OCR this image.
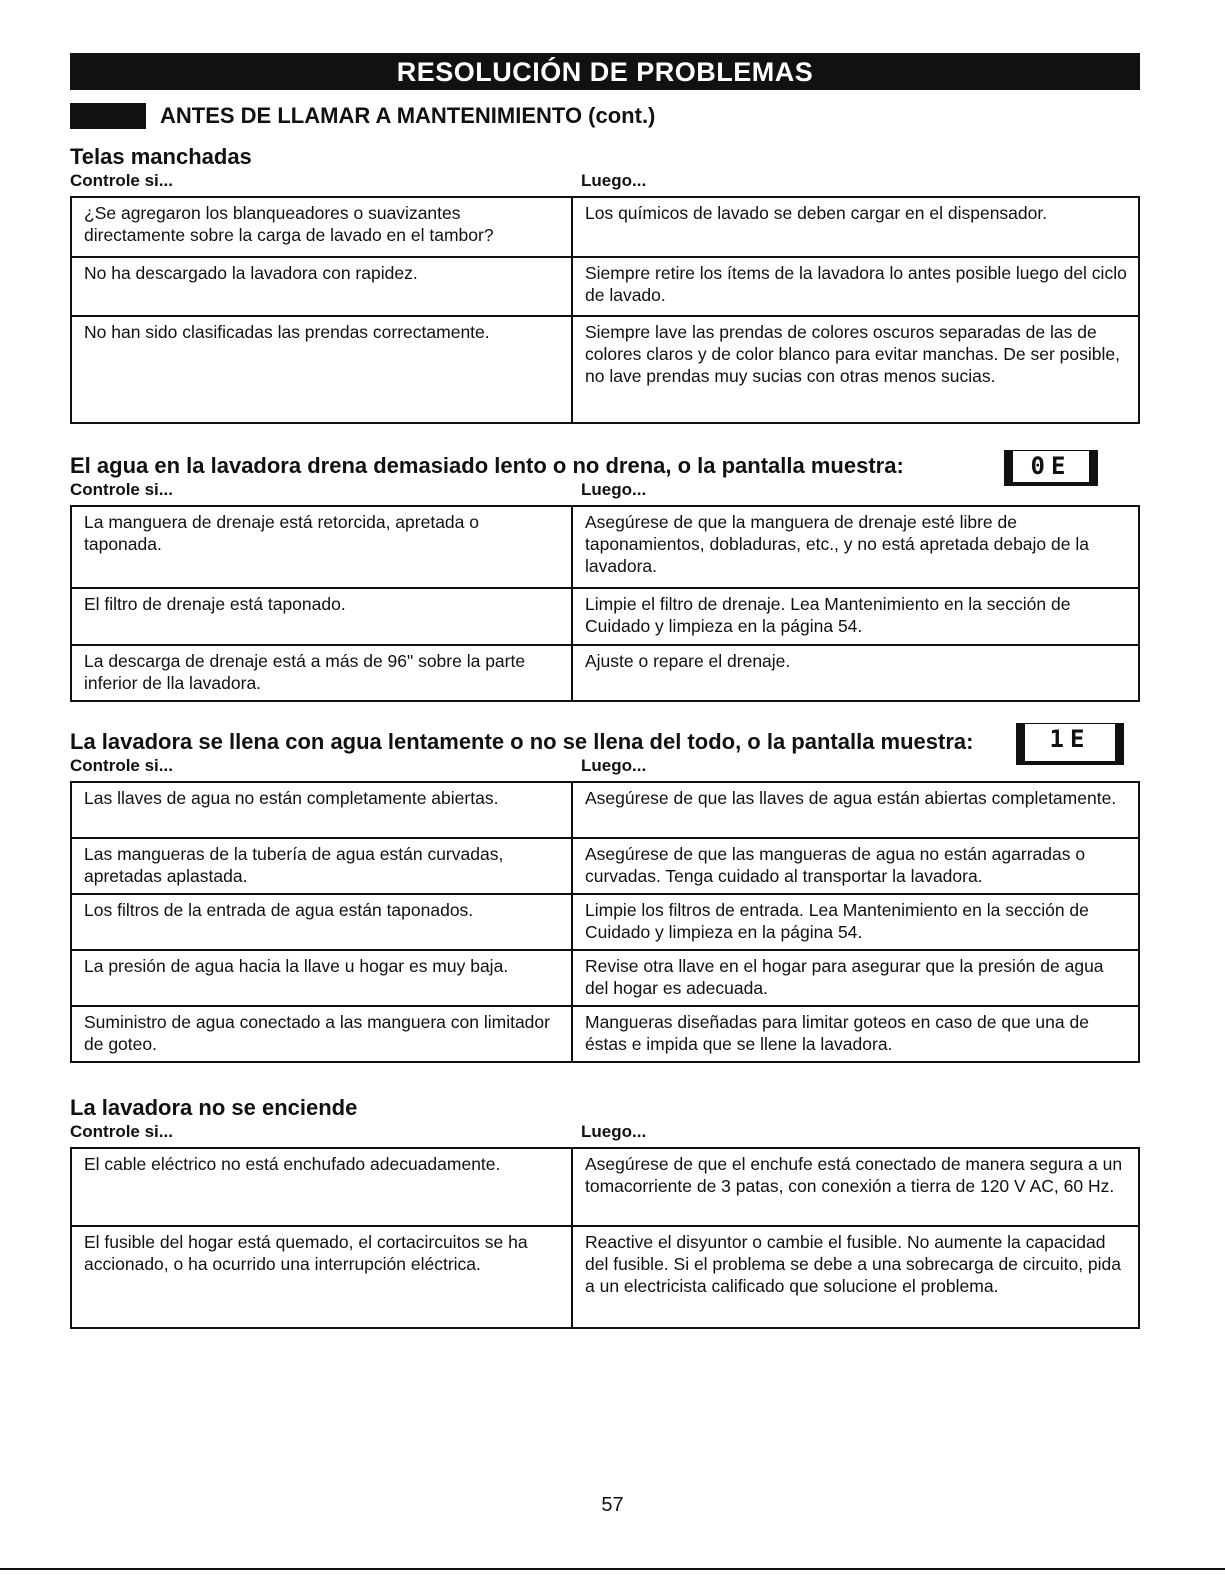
RESOLUCIÓN DE PROBLEMAS
ANTES DE LLAMAR A MANTENIMIENTO (cont.)
Telas manchadas
Controle si...	Luego...
¿Se agregaron los blanqueadores o suavizantes directamente sobre la carga de lavado en el tambor?	Los químicos de lavado se deben cargar en el dispensador.
No ha descargado la lavadora con rapidez.	Siempre retire los ítems de la lavadora lo antes posible luego del ciclo de lavado.
No han sido clasificadas las prendas correctamente.	Siempre lave las prendas de colores oscuros separadas de las de colores claros y de color blanco para evitar manchas. De ser posible, no lave prendas muy sucias con otras menos sucias.
El agua en la lavadora drena demasiado lento o no drena, o la pantalla muestra:	0E
Controle si...	Luego...
La manguera de drenaje está retorcida, apretada o taponada.	Asegúrese de que la manguera de drenaje esté libre de taponamientos, dobladuras, etc., y no está apretada debajo de la lavadora.
El filtro de drenaje está taponado.	Limpie el filtro de drenaje. Lea Mantenimiento en la sección de Cuidado y limpieza en la página 54.
La descarga de drenaje está a más de 96" sobre la parte inferior de lla lavadora.	Ajuste o repare el drenaje.
La lavadora se llena con agua lentamente o no se llena del todo, o la pantalla muestra:	1E
Controle si...	Luego...
Las llaves de agua no están completamente abiertas.	Asegúrese de que las llaves de agua están abiertas completamente.
Las mangueras de la tubería de agua están curvadas, apretadas aplastada.	Asegúrese de que las mangueras de agua no están agarradas o curvadas. Tenga cuidado al transportar la lavadora.
Los filtros de la entrada de agua están taponados.	Limpie los filtros de entrada. Lea Mantenimiento en la sección de Cuidado y limpieza en la página 54.
La presión de agua hacia la llave u hogar es muy baja.	Revise otra llave en el hogar para asegurar que la presión de agua del hogar es adecuada.
Suministro de agua conectado a las manguera con limitador de goteo.	Mangueras diseñadas para limitar goteos en caso de que una de éstas e impida que se llene la lavadora.
La lavadora no se enciende
Controle si...	Luego...
El cable eléctrico no está enchufado adecuadamente.	Asegúrese de que el enchufe está conectado de manera segura a un tomacorriente de 3 patas, con conexión a tierra de 120 V AC, 60 Hz.
El fusible del hogar está quemado, el cortacircuitos se ha accionado, o ha ocurrido una interrupción eléctrica.	Reactive el disyuntor o cambie el fusible. No aumente la capacidad del fusible. Si el problema se debe a una sobrecarga de circuito, pida a un electricista calificado que solucione el problema.
57
